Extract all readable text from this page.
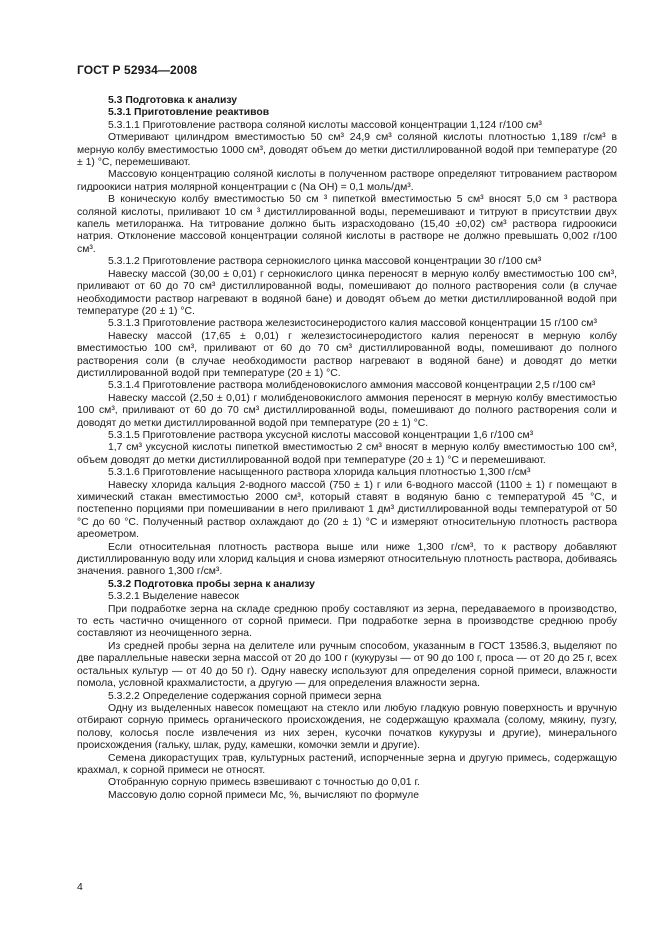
ГОСТ Р 52934—2008
5.3 Подготовка к анализу
5.3.1 Приготовление реактивов
5.3.1.1 Приготовление раствора соляной кислоты массовой концентрации 1,124 г/100 см³
Отмеривают цилиндром вместимостью 50 см³ 24,9 см³ соляной кислоты плотностью 1,189 г/см³ в мерную колбу вместимостью 1000 см³, доводят объем до метки дистиллированной водой при температуре (20 ± 1) °С, перемешивают.
Массовую концентрацию соляной кислоты в полученном растворе определяют титрованием раствором гидроокиси натрия молярной концентрации с (Na OH) = 0,1 моль/дм³.
В коническую колбу вместимостью 50 см ³ пипеткой вместимостью 5 см³ вносят 5,0 см ³ раствора соляной кислоты, приливают 10 см ³ дистиллированной воды, перемешивают и титруют в присутствии двух капель метилоранжа. На титрование должно быть израсходовано (15,40 ±0,02) см³ раствора гидроокиси натрия. Отклонение массовой концентрации соляной кислоты в растворе не должно превышать 0,002 г/100 см³.
5.3.1.2 Приготовление раствора сернокислого цинка массовой концентрации 30 г/100 см³
Навеску массой (30,00 ± 0,01) г сернокислого цинка переносят в мерную колбу вместимостью 100 см³, приливают от 60 до 70 см³ дистиллированной воды, помешивают до полного растворения соли (в случае необходимости раствор нагревают в водяной бане) и доводят объем до метки дистиллированной водой при температуре (20 ± 1) °С.
5.3.1.3 Приготовление раствора железистосинеродистого калия массовой концентрации 15 г/100 см³
Навеску массой (17,65 ± 0,01) г железистосинеродистого калия переносят в мерную колбу вместимостью 100 см³, приливают от 60 до 70 см³ дистиллированной воды, помешивают до полного растворения соли (в случае необходимости раствор нагревают в водяной бане) и доводят до метки дистиллированной водой при температуре (20 ± 1) °С.
5.3.1.4 Приготовление раствора молибденовокислого аммония массовой концентрации 2,5 г/100 см³
Навеску массой (2,50 ± 0,01) г молибденовокислого аммония переносят в мерную колбу вместимостью 100 см³, приливают от 60 до 70 см³ дистиллированной воды, помешивают до полного растворения соли и доводят до метки дистиллированной водой при температуре (20 ± 1) °С.
5.3.1.5 Приготовление раствора уксусной кислоты массовой концентрации 1,6 г/100 см³
1,7 см³ уксусной кислоты пипеткой вместимостью 2 см³ вносят в мерную колбу вместимостью 100 см³, объем доводят до метки дистиллированной водой при температуре (20 ± 1) °С и перемешивают.
5.3.1.6 Приготовление насыщенного раствора хлорида кальция плотностью 1,300 г/см³
Навеску хлорида кальция 2-водного массой (750 ± 1) г или 6-водного массой (1100 ± 1) г помещают в химический стакан вместимостью 2000 см³, который ставят в водяную баню с температурой 45 °С, и постепенно порциями при помешивании в него приливают 1 дм³ дистиллированной воды температурой от 50 °С до 60 °С. Полученный раствор охлаждают до (20 ± 1) °С и измеряют относительную плотность раствора ареометром.
Если относительная плотность раствора выше или ниже 1,300 г/см³, то к раствору добавляют дистиллированную воду или хлорид кальция и снова измеряют относительную плотность раствора, добиваясь значения. равного 1,300 г/см³.
5.3.2 Подготовка пробы зерна к анализу
5.3.2.1 Выделение навесок
При подработке зерна на складе среднюю пробу составляют из зерна, передаваемого в производство, то есть частично очищенного от сорной примеси. При подработке зерна в производстве среднюю пробу составляют из неочищенного зерна.
Из средней пробы зерна на делителе или ручным способом, указанным в ГОСТ 13586.3, выделяют по две параллельные навески зерна массой от 20 до 100 г (кукурузы — от 90 до 100 г, проса — от 20 до 25 г, всех остальных культур — от 40 до 50 г). Одну навеску используют для определения сорной примеси, влажности помола, условной крахмалистости, а другую — для определения влажности зерна.
5.3.2.2 Определение содержания сорной примеси зерна
Одну из выделенных навесок помещают на стекло или любую гладкую ровную поверхность и вручную отбирают сорную примесь органического происхождения, не содержащую крахмала (солому, мякину, пузгу, полову, колосья после извлечения из них зерен, кусочки початков кукурузы и другие), минерального происхождения (гальку, шлак, руду, камешки, комочки земли и другие).
Семена дикорастущих трав, культурных растений, испорченные зерна и другую примесь, содержащую крахмал, к сорной примеси не относят.
Отобранную сорную примесь взвешивают с точностью до 0,01 г.
Массовую долю сорной примеси Мс, %, вычисляют по формуле
4
